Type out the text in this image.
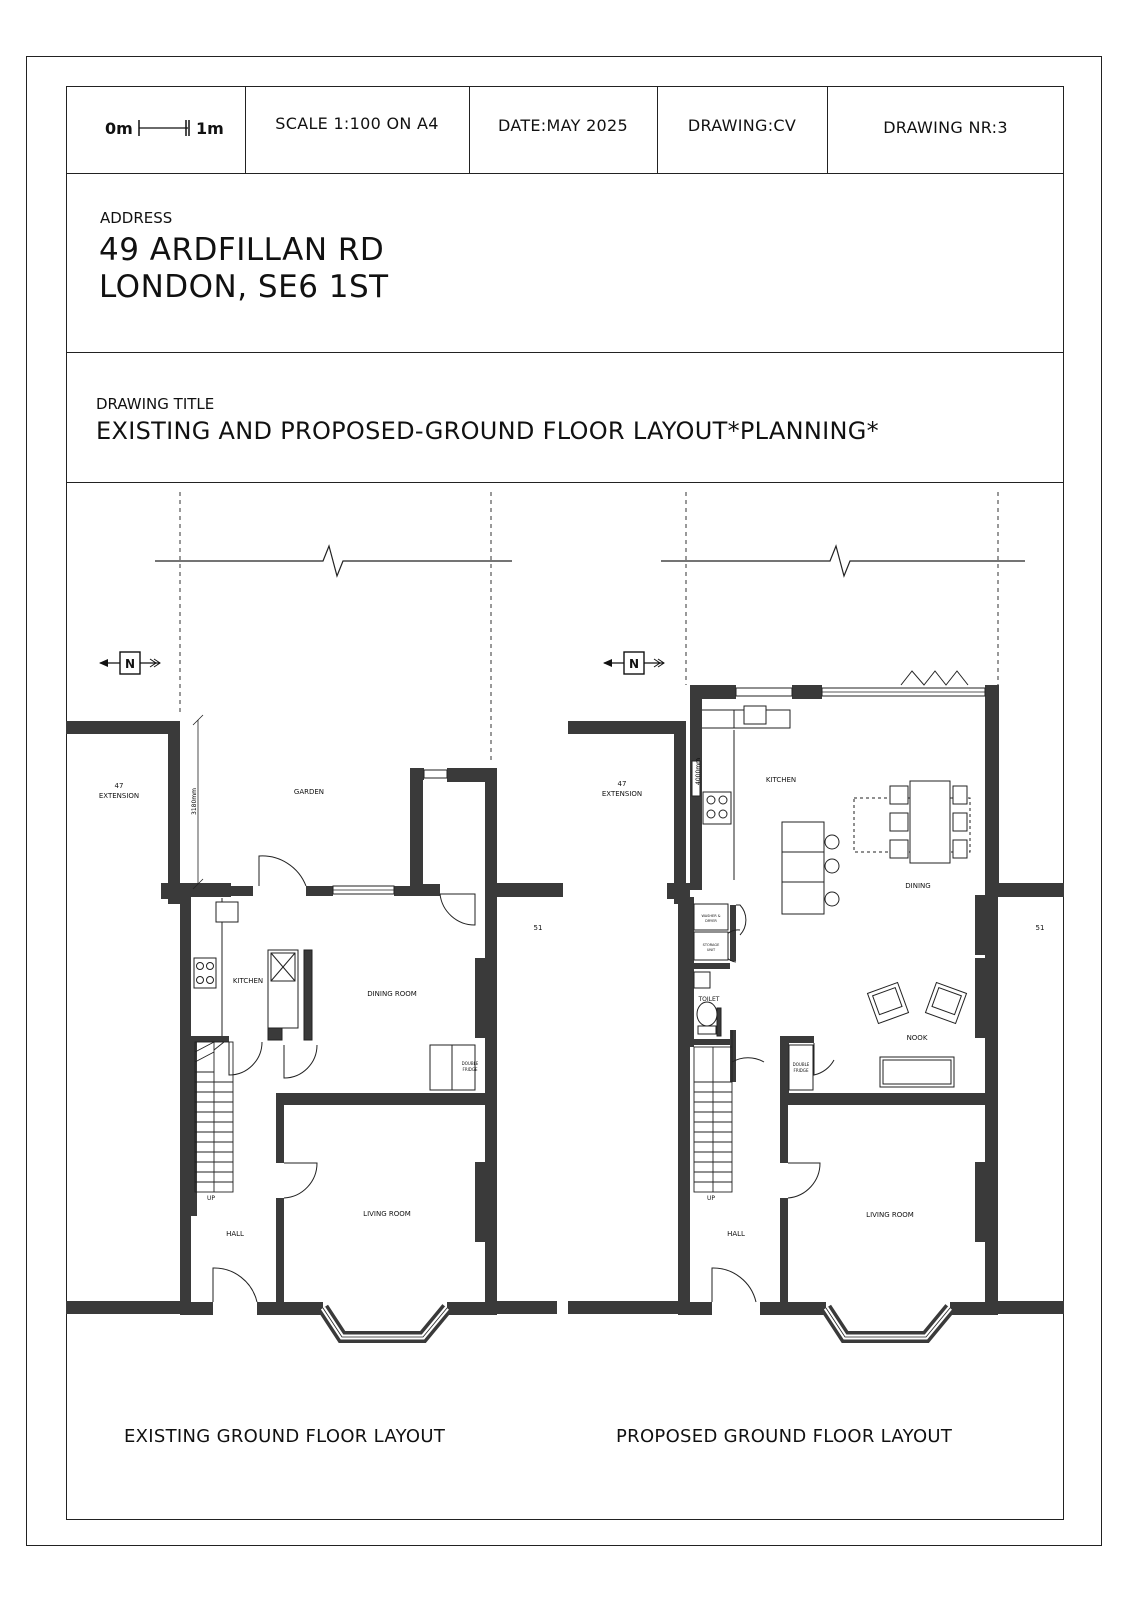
0m	1m	SCALE 1:100 ON A4	DATE:MAY 2025	DRAWING:CV	DRAWING NR:3
ADDRESS
49 ARDFILLAN RD
LONDON, SE6 1ST
DRAWING TITLE
EXISTING AND PROPOSED-GROUND FLOOR LAYOUT*PLANNING*
3180mm
47
EXTENSION	GARDEN
51
KITCHEN
DINING ROOM
LIVING ROOM
HALL
UP
DOUBLE
FRIDGE
N
4000mm
47
EXTENSION
51
KITCHEN
DINING
NOOK
TOILET
LIVING ROOM
HALL
UP
DOUBLE
FRIDGE
WASHER &
DRYER
STORAGE
UNIT
N
EXISTING GROUND FLOOR LAYOUT	PROPOSED GROUND FLOOR LAYOUT
